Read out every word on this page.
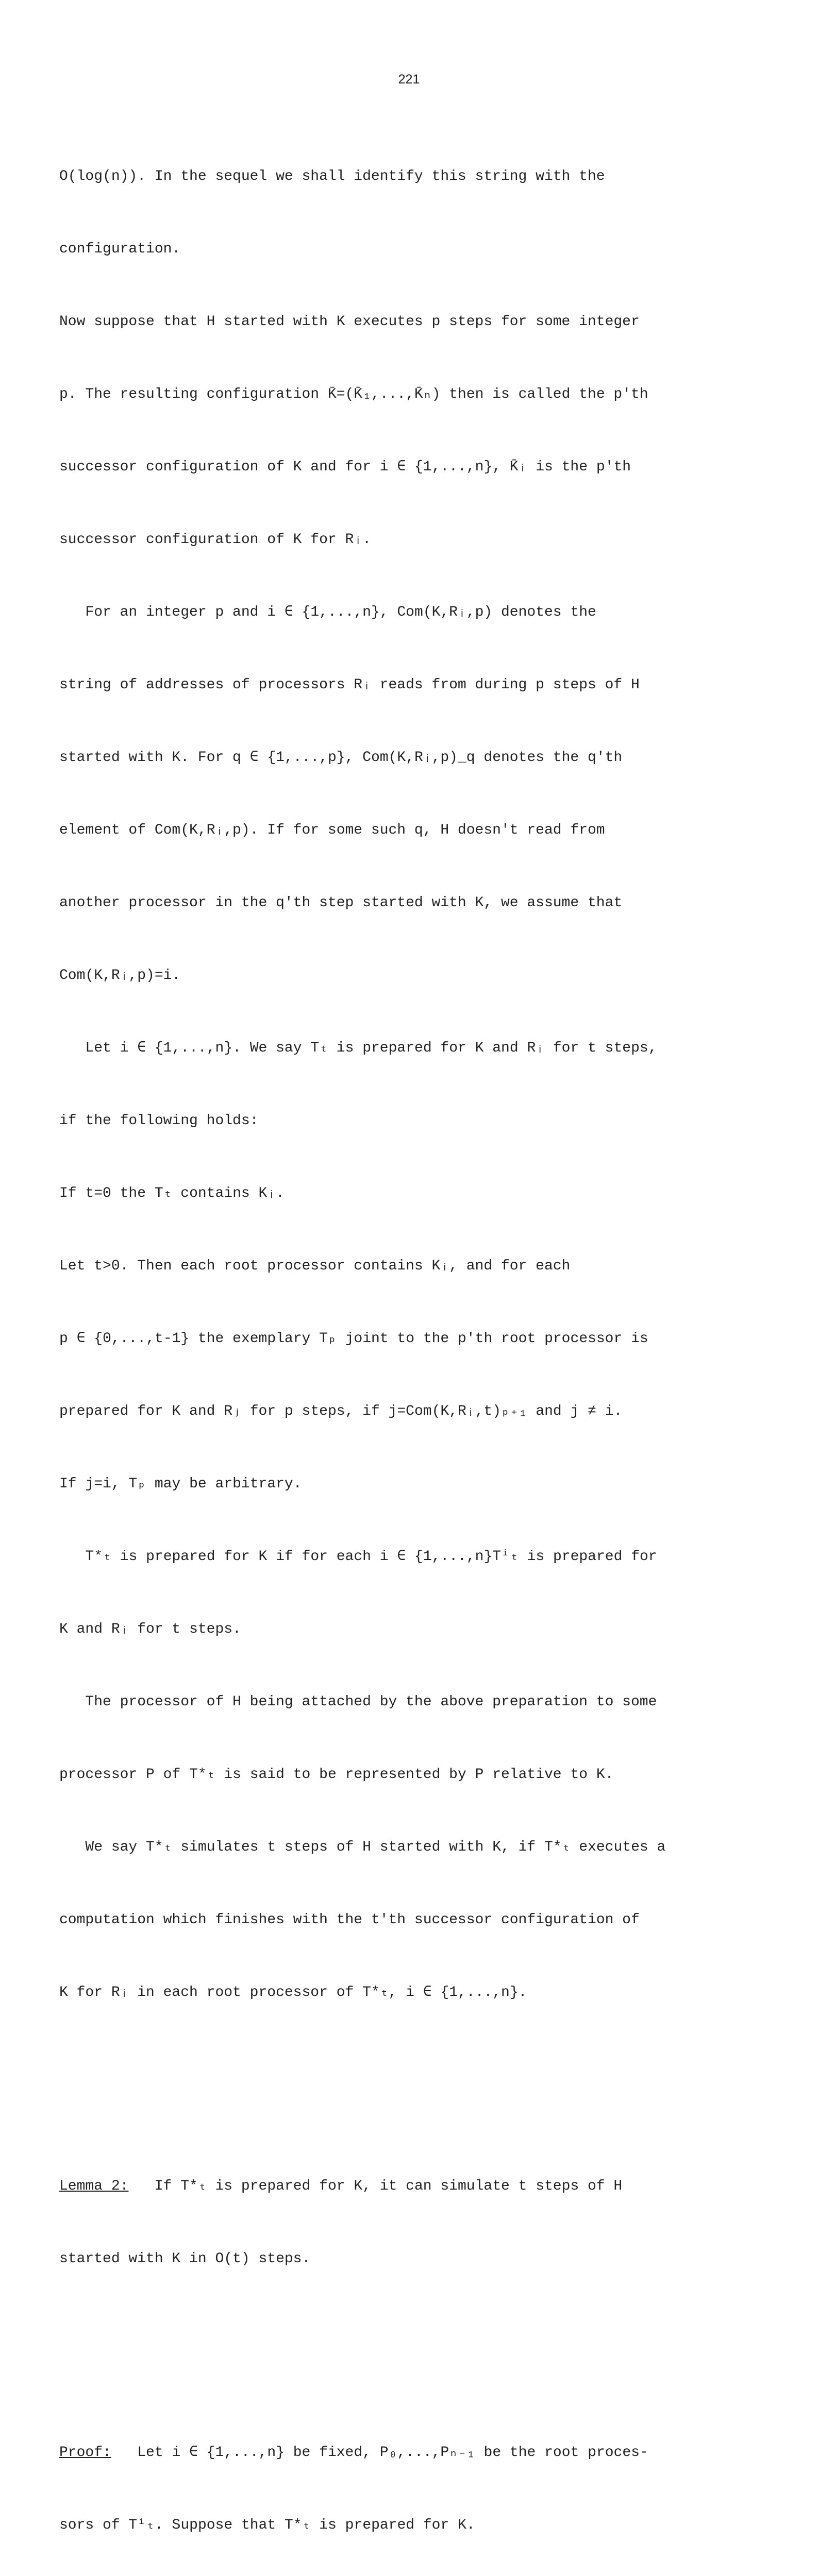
221

O(log(n)). In the sequel we shall identify this string with the

configuration.

Now suppose that H started with K executes p steps for some integer

p. The resulting configuration K̄=(K̄₁,...,K̄ₙ) then is called the p'th

successor configuration of K and for i ∈ {1,...,n}, K̄ᵢ is the p'th

successor configuration of K for Rᵢ.

For an integer p and i ∈ {1,...,n}, Com(K,Rᵢ,p) denotes the

string of addresses of processors Rᵢ reads from during p steps of H

started with K. For q ∈ {1,...,p}, Com(K,Rᵢ,p)_q denotes the q'th

element of Com(K,Rᵢ,p). If for some such q, H doesn't read from

another processor in the q'th step started with K, we assume that

Com(K,Rᵢ,p)=i.

Let i ∈ {1,...,n}. We say Tₜ is prepared for K and Rᵢ for t steps,

if the following holds:

If t=0 the Tₜ contains Kᵢ.

Let t>0. Then each root processor contains Kᵢ, and for each

p ∈ {0,...,t-1} the exemplary Tₚ joint to the p'th root processor is

prepared for K and Rⱼ for p steps, if j=Com(K,Rᵢ,t)ₚ₊₁ and j ≠ i.

If j=i, Tₚ may be arbitrary.

T*ₜ is prepared for K if for each i ∈ {1,...,n}Tⁱₜ is prepared for

K and Rᵢ for t steps.

The processor of H being attached by the above preparation to some

processor P of T*ₜ is said to be represented by P relative to K.

We say T*ₜ simulates t steps of H started with K, if T*ₜ executes a

computation which finishes with the t'th successor configuration of

K for Rᵢ in each root processor of T*ₜ, i ∈ {1,...,n}.

Lemma 2:   If T*ₜ is prepared for K, it can simulate t steps of H

started with K in O(t) steps.

Proof:   Let i ∈ {1,...,n} be fixed, P₀,...,Pₙ₋₁ be the root proces-

sors of Tⁱₜ. Suppose that T*ₜ is prepared for K.
